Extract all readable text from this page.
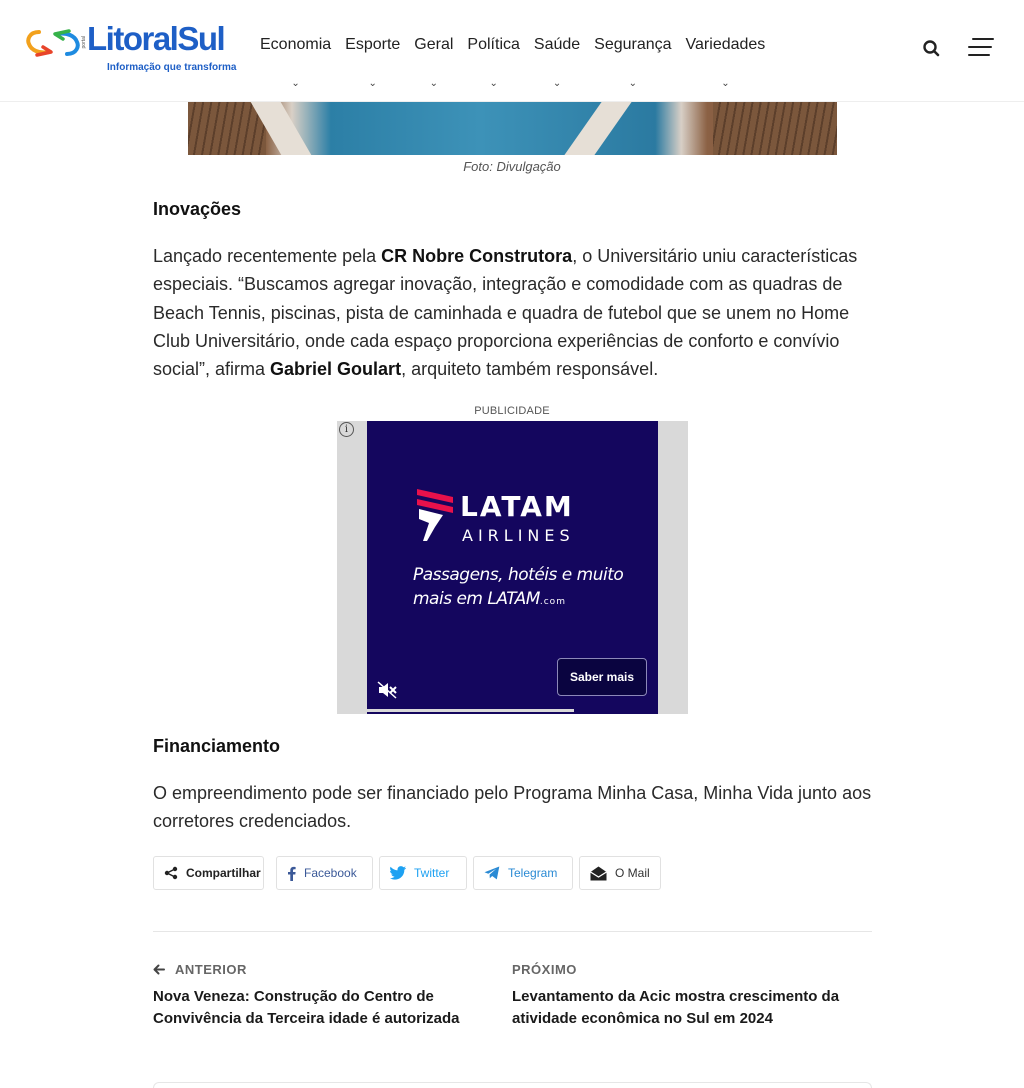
portal LitoralSul
Informação que transforma
Economia
⌄
Esporte
⌄
Geral
⌄
Política
⌄
Saúde
⌄
Segurança
⌄
Variedades
⌄
Foto: Divulgação
Inovações

Lançado recentemente pela CR Nobre Construtora, o Universitário uniu características especiais. “Buscamos agregar inovação, integração e comodidade com as quadras de Beach Tennis, piscinas, pista de caminhada e quadra de futebol que se unem no Home Club Universitário, onde cada espaço proporciona experiências de conforto e convívio social”, afirma Gabriel Goulart, arquiteto também responsável.

PUBLICIDADE
i
LATAM
AIRLINES
Passagens, hotéis e muito
mais em LATAM.com
Saber mais
Financiamento

O empreendimento pode ser financiado pelo Programa Minha Casa, Minha Vida junto aos corretores credenciados.

Compartilhar	Facebook	Twitter	Telegram	O Mail
ANTERIOR
Nova Veneza: Construção do Centro de Convivência da Terceira idade é autorizada
PRÓXIMO
Levantamento da Acic mostra crescimento da atividade econômica no Sul em 2024
